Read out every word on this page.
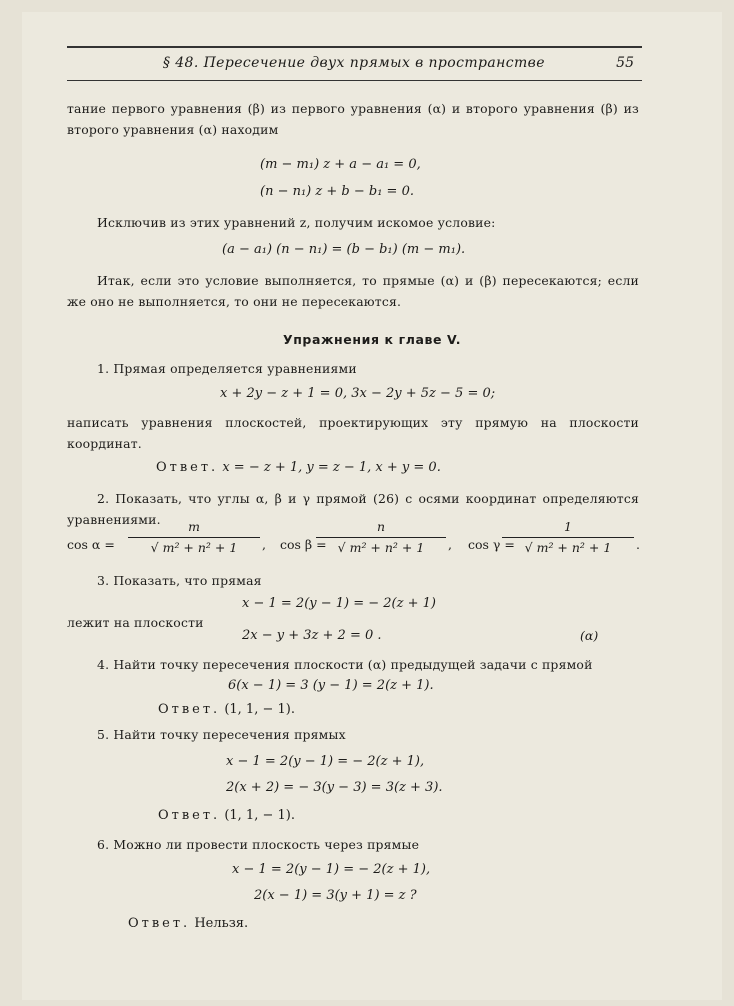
§ 48. Пересечение двух прямых в пространстве	55

тание первого уравнения (β) из первого уравнения (α) и второго уравнения (β) из второго уравнения (α) находим

(m − m₁) z + a − a₁ = 0,
(n − n₁) z + b − b₁ = 0.

Исключив из этих уравнений z, получим искомое условие:

(a − a₁) (n − n₁) = (b − b₁) (m − m₁).

Итак, если это условие выполняется, то прямые (α) и (β) пересекаются; если же оно не выполняется, то они не пересекаются.

Упражнения к главе V.

1. Прямая определяется уравнениями

x + 2y − z + 1 = 0, 3x − 2y + 5z − 5 = 0;

написать уравнения плоскостей, проектирующих эту прямую на плоскости координат.

Ответ. x = − z + 1, y = z − 1, x + y = 0.

2. Показать, что углы α, β и γ прямой (26) с осями координат определяются уравнениями.

cos α =
m
√ m² + n² + 1	, cos β =
n
√ m² + n² + 1	, cos γ =
1
√ m² + n² + 1	.

3. Показать, что прямая

x − 1 = 2(y − 1) = − 2(z + 1)

лежит на плоскости

2x − y + 3z + 2 = 0 .	(α)

4. Найти точку пересечения плоскости (α) предыдущей задачи с прямой

6(x − 1) = 3 (y − 1) = 2(z + 1).
Ответ. (1, 1, − 1).

5. Найти точку пересечения прямых

x − 1 = 2(y − 1) = − 2(z + 1),
2(x + 2) = − 3(y − 3) = 3(z + 3).
Ответ. (1, 1, − 1).

6. Можно ли провести плоскость через прямые

x − 1 = 2(y − 1) = − 2(z + 1),
2(x − 1) = 3(y + 1) = z ?
Ответ. Нельзя.
